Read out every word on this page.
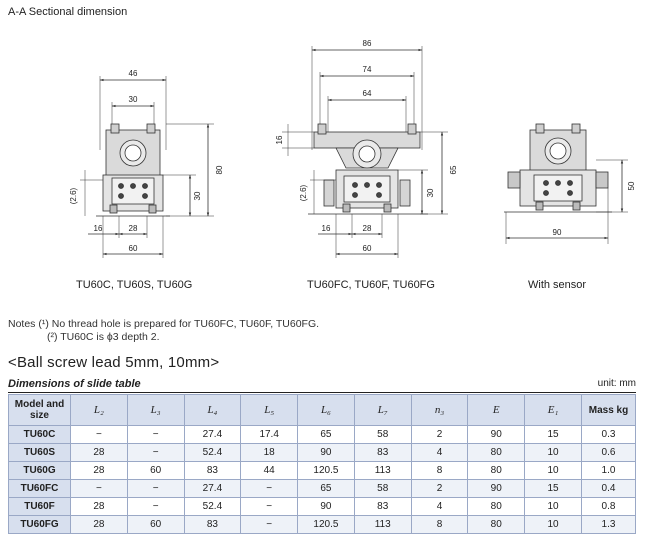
A-A Sectional dimension
46
30
80
30
(2.6)
16	28
60
86
74
64
16
65
30
(2.6)
16	28
60
50
90
TU60C, TU60S, TU60G	TU60FC, TU60F, TU60FG	With sensor
Notes (¹) No thread hole is prepared for TU60FC, TU60F, TU60FG.
(²) TU60C is ϕ3 depth 2.
<Ball screw lead 5mm, 10mm>
Dimensions of slide table	unit: mm
Model and size	L₂	L₃	L₄	L₅	L₆	L₇	n₃	E	E₁	Mass kg
TU60C	−	−	27.4	17.4	65	58	2	90	15	0.3
TU60S	28	−	52.4	18	90	83	4	80	10	0.6
TU60G	28	60	83	44	120.5	113	8	80	10	1.0
TU60FC	−	−	27.4	−	65	58	2	90	15	0.4
TU60F	28	−	52.4	−	90	83	4	80	10	0.8
TU60FG	28	60	83	−	120.5	113	8	80	10	1.3
